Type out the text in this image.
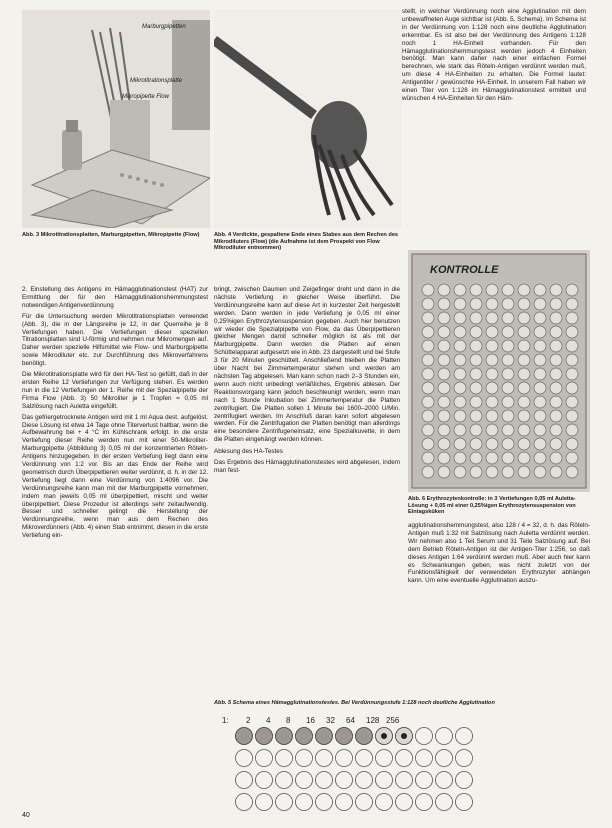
Marburgpipetten
Mikrotitrationsplatte
Mikropipette Flow
Abb. 3 Mikrotitrationsplatten, Marburgpipetten, Mikropipette (Flow)	Abb. 4 Verdickte, gespaltene Ende eines Stabes aus dem Rechen des Mikrodiluters (Flow) (die Aufnahme ist dem Prospekt von Flow Mikrodiluter entnommen)

stellt, in welcher Verdünnung noch eine Agglutination mit dem unbewaffneten Auge sichtbar ist (Abb. 5, Schema). Im Schema ist in der Verdünnung von 1:128 noch eine deutliche Agglutination erkennbar. Es ist also bei der Verdünnung des Antigens 1:128 noch 1 HA-Einheit vorhanden. Für den Hämagglutinationshemmungstest werden jedoch 4 Einheiten benötigt. Man kann daher nach einer einfachen Formel berechnen, wie stark das Röteln-Antigen verdünnt werden muß, um diese 4 HA-Einheiten zu erhalten. Die Formel lautet: Antigentiter / gewünschte HA-Einheit. In unserem Fall haben wir einen Titer von 1:128 im Hämagglutinationstest ermittelt und wünschen 4 HA-Einheiten für den Häm-

2. Einstellung des Antigens im Hämagglutinationstest (HAT) zur Ermittlung der für den Hämagglutinationshemmungstest notwendigen Antigenverdünnung

Für die Untersuchung werden Mikrotitrationsplatten verwendet (Abb. 3), die in der Längsreihe je 12, in der Querreihe je 8 Vertiefungen haben. Die Vertiefungen dieser speziellen Titrationsplatten sind U-förmig und nehmen nur Mikromengen auf. Daher werden spezielle Hilfsmittel wie Flow- und Marburgpipette sowie Mikrodiluter etc. zur Durchführung des Mikroverfahrens benötigt.

Die Mikrotitrationsplatte wird für den HA-Test so gefüllt, daß in der ersten Reihe 12 Vertiefungen zur Verfügung stehen. Es werden nun in die 12 Vertiefungen der 1. Reihe mit der Spezialpipette der Firma Flow (Abb. 3) 50 Mikroliter je 1 Tropfen = 0,05 ml Salzlösung nach Auletta eingefüllt.

Das gefriergetrocknete Antigen wird mit 1 ml Aqua dest. aufgelöst. Diese Lösung ist etwa 14 Tage ohne Titerverlust haltbar, wenn die Aufbewahrung bei + 4 °C im Kühlschrank erfolgt. In die erste Vertiefung dieser Reihe werden nun mit einer 50-Mikroliter-Marburgpipette (Abbildung 3) 0,05 ml der konzentrierten Röteln-Antigens hinzugegeben. In der ersten Vertiefung liegt dann eine Verdünnung von 1:2 vor. Bis an das Ende der Reihe wird geometrisch durch Überpipettieren weiter verdünnt, d. h. in der 12. Vertiefung liegt dann eine Verdünnung von 1:4096 vor. Die Verdünnungsreihe kann man mit der Marburgpipette vornehmen, indem man jeweils 0,05 ml überpipettiert, mischt und weiter überpipettiert. Diese Prozedur ist allerdings sehr zeitaufwendig. Besser und schneller gelingt die Herstellung der Verdünnungsreihe, wenn man aus dem Rechen des Mikroverdünners (Abb. 4) einen Stab entnimmt, diesen in die erste Vertiefung ein-

bringt, zwischen Daumen und Zeigefinger dreht und dann in die nächste Vertiefung in gleicher Weise überführt. Die Verdünnungsreihe kann auf diese Art in kurzester Zeit hergestellt werden. Dann werden in jede Vertiefung je 0,05 ml einer 0,25%igen Erythrozytensuspension gegeben. Auch hier benutzen wir wieder die Spezialpipette von Flow, da das Überpipettieren gleicher Mengen damit schneller möglich ist als mit der Marburgpipette. Dann werden die Platten auf einen Schüttelapparat aufgesetzt wie in Abb. 23 dargestellt und bei Stufe 3 für 20 Minuten geschüttelt. Anschließend bleiben die Platten über Nacht bei Zimmertemperatur stehen und werden am nächsten Tag abgelesen. Man kann schon nach 2–3 Stunden ein, wenn auch nicht unbedingt verläßliches, Ergebnis ablesen. Der Reaktionsvorgang kann jedoch beschleunigt werden, wenn man nach 1 Stunde Inkubation bei Zimmertemperatur die Platten zentrifugiert. Die Platten sollen 1 Minute bei 1600–2000 U/Min. zentrifugiert werden. Im Anschluß daran kann sofort abgelesen werden. Für die Zentrifugation der Platten benötigt man allerdings eine besondere Zentrifugeneinsatz, eine Spezialkuvette, in dem die Platten eingehängt werden können.

Ablesung des HA-Testes

Das Ergebnis des Hämagglutinationstestes wird abgelesen, indem man fest-

KONTROLLE
Abb. 6 Erythrozytenkontrolle: in 3 Vertiefungen 0,05 ml Auletta-Lösung + 0,05 ml einer 0,25%igen Erythrozytensuspension von Eintagsküken

agglutinationshemmungstest, also 128 / 4 = 32, d. h. das Röteln-Antigen muß 1:32 mit Salzlösung nach Auletta verdünnt werden. Wir nehmen also 1 Teil Serum und 31 Teile Salzlösung auf. Bei dem Betrieb Röteln-Antigen ist der Antigen-Titer 1:256, so daß dieses Antigen 1:64 verdünnt werden muß. Aber auch hier kann es Schwankungen geben, was nicht zuletzt von der Funktionsfähigkeit der verwendeten Erythrozyter abhängen kann. Um eine eventuelle Agglutination auszu-

Abb. 5 Schema eines Hämagglutinationstestes. Bei Verdünnungsstufe 1:128 noch deutliche Agglutination
1: 2 4 8 16 32 64 128 256
40
